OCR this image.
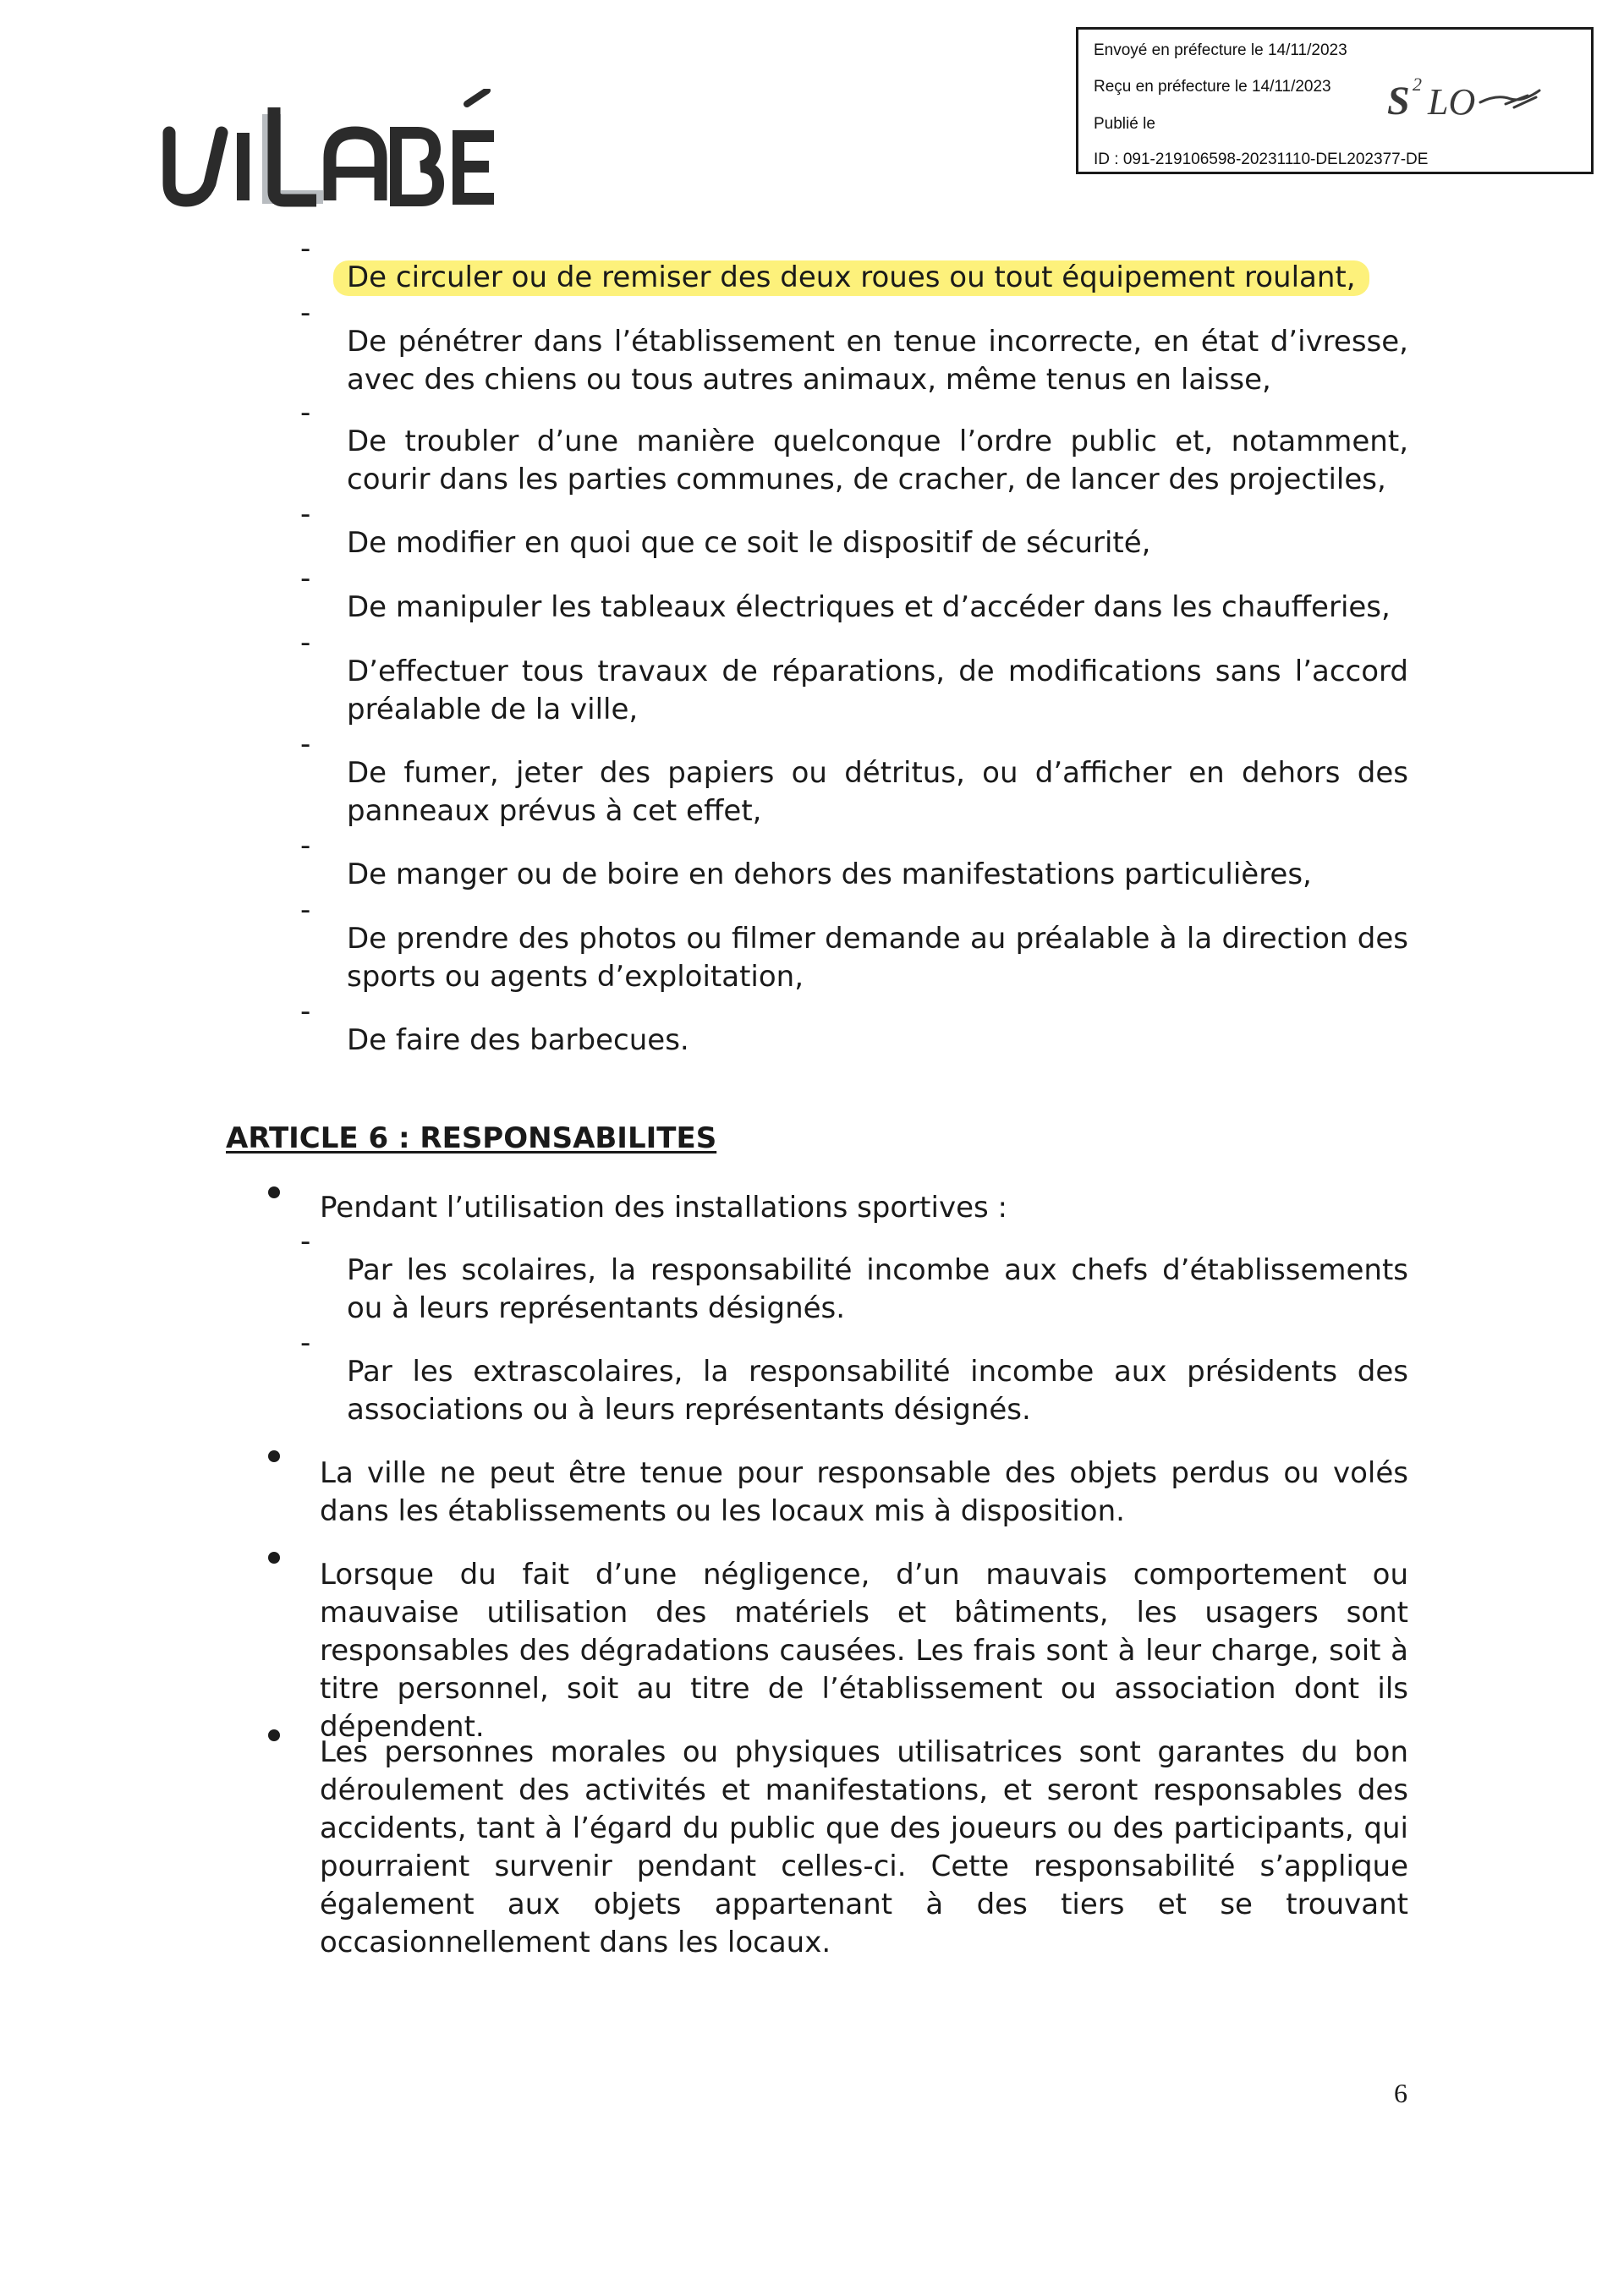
Envoyé en préfecture le 14/11/2023
Reçu en préfecture le 14/11/2023
Publié le
ID : 091-219106598-20231110-DEL202377-DE
S 2 LO
-

De circuler ou de remiser des deux roues ou tout équipement roulant,

-

De pénétrer dans l’établissement en tenue incorrecte, en état d’ivresse, avec des chiens ou tous autres animaux, même tenus en laisse,

-

De troubler d’une manière quelconque l’ordre public et, notamment, courir dans les parties communes, de cracher, de lancer des projectiles,

-

De modifier en quoi que ce soit le dispositif de sécurité,

-

De manipuler les tableaux électriques et d’accéder dans les chaufferies,

-

D’effectuer tous travaux de réparations, de modifications sans l’accord préalable de la ville,

-

De fumer, jeter des papiers ou détritus, ou d’afficher en dehors des panneaux prévus à cet effet,

-

De manger ou de boire en dehors des manifestations particulières,

-

De prendre des photos ou filmer demande au préalable à la direction des sports ou agents d’exploitation,

-

De faire des barbecues.

ARTICLE 6 : RESPONSABILITES

Pendant l’utilisation des installations sportives :

-

Par les scolaires, la responsabilité incombe aux chefs d’établissements ou à leurs représentants désignés.

-

Par les extrascolaires, la responsabilité incombe aux présidents des associations ou à leurs représentants désignés.

La ville ne peut être tenue pour responsable des objets perdus ou volés dans les établissements ou les locaux mis à disposition.

Lorsque du fait d’une négligence, d’un mauvais comportement ou mauvaise utilisation des matériels et bâtiments, les usagers sont responsables des dégradations causées. Les frais sont à leur charge, soit à titre personnel, soit au titre de l’établissement ou association dont ils dépendent.

Les personnes morales ou physiques utilisatrices sont garantes du bon déroulement des activités et manifestations, et seront responsables des accidents, tant à l’égard du public que des joueurs ou des participants, qui pourraient survenir pendant celles-ci. Cette responsabilité s’applique également aux objets appartenant à des tiers et se trouvant occasionnellement dans les locaux.

6
